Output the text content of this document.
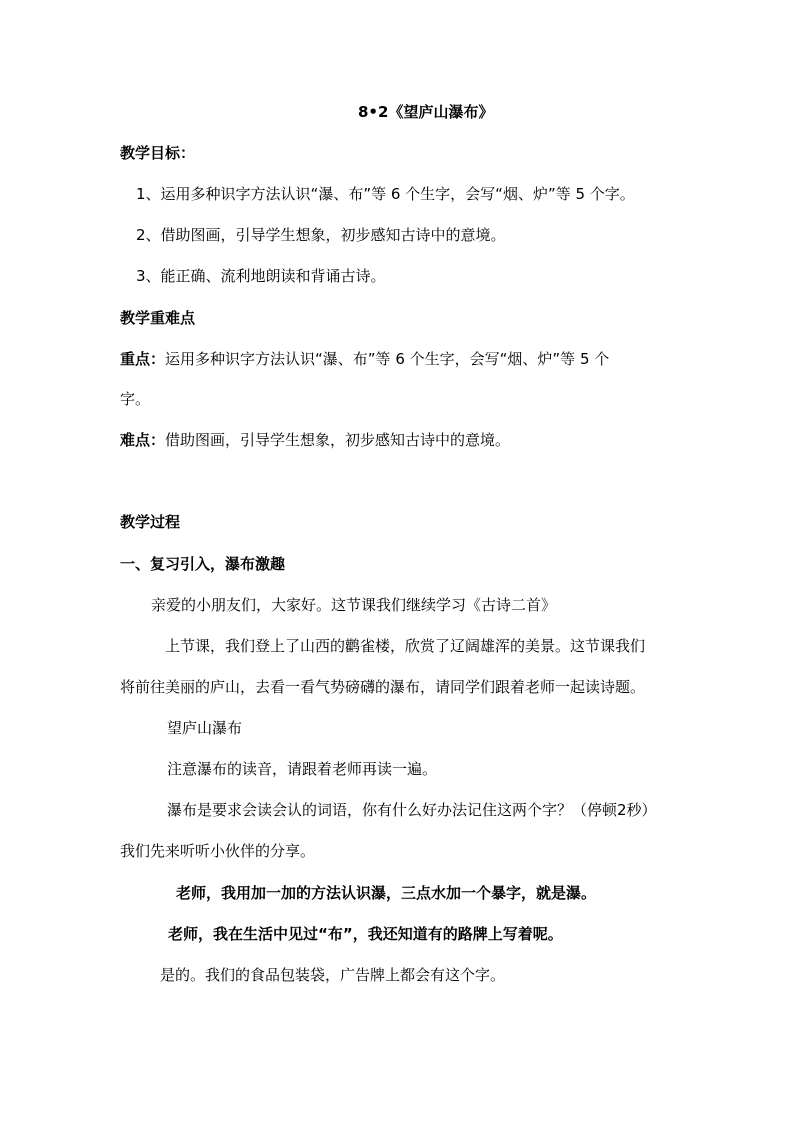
8•2《望庐山瀑布》
教学目标：
1、运用多种识字方法认识“瀑、布”等 6 个生字，会写“烟、炉”等 5 个字。
2、借助图画，引导学生想象，初步感知古诗中的意境。
3、能正确、流利地朗读和背诵古诗。
教学重难点
重点：运用多种识字方法认识“瀑、布”等 6 个生字，会写“烟、炉”等 5 个
字。
难点：借助图画，引导学生想象，初步感知古诗中的意境。
教学过程
一、复习引入，瀑布激趣
亲爱的小朋友们，大家好。这节课我们继续学习《古诗二首》
上节课，我们登上了山西的鹳雀楼，欣赏了辽阔雄浑的美景。这节课我们
将前往美丽的庐山，去看一看气势磅礴的瀑布，请同学们跟着老师一起读诗题。
望庐山瀑布
注意瀑布的读音，请跟着老师再读一遍。
瀑布是要求会读会认的词语，你有什么好办法记住这两个字？（停顿2秒）
我们先来听听小伙伴的分享。
老师，我用加一加的方法认识瀑，三点水加一个暴字，就是瀑。
老师，我在生活中见过“布”，我还知道有的路牌上写着呢。
是的。我们的食品包装袋，广告牌上都会有这个字。
